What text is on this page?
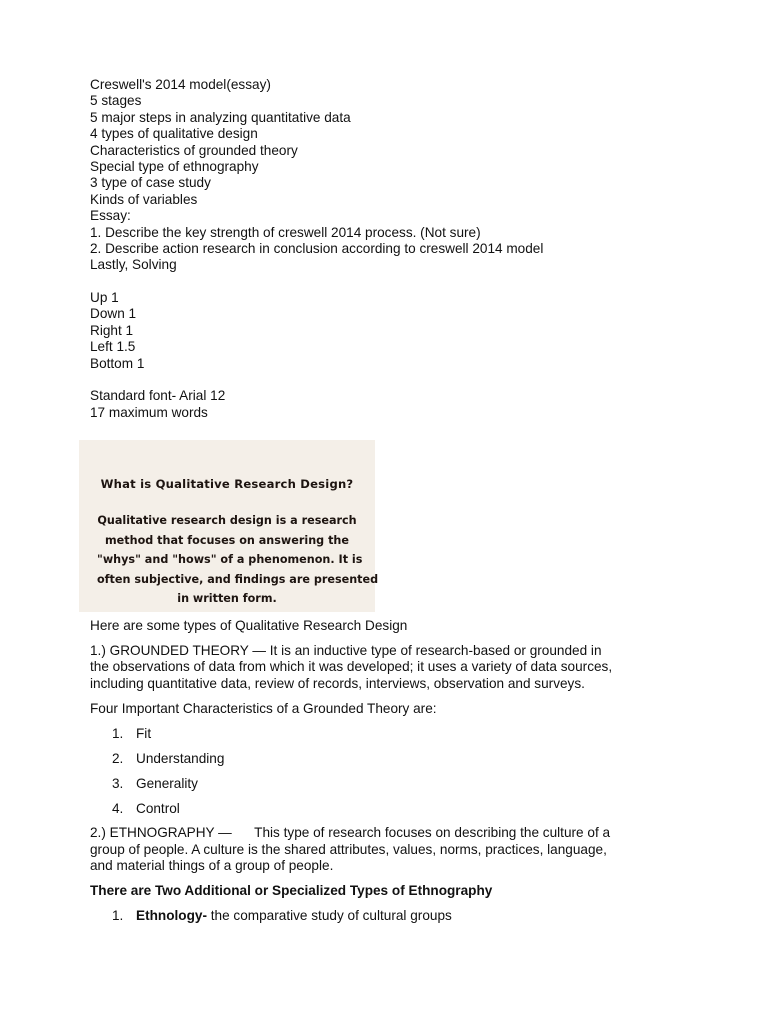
Creswell's 2014 model(essay)
5 stages
5 major steps in analyzing quantitative data
4 types of qualitative design
Characteristics of grounded theory
Special type of ethnography
3 type of case study
Kinds of variables
Essay:
1. Describe the key strength of creswell 2014 process. (Not sure)
2. Describe action research in conclusion according to creswell 2014 model
Lastly, Solving
Up 1
Down 1
Right 1
Left 1.5
Bottom 1
Standard font- Arial 12
17 maximum words
What is Qualitative Research Design?
Qualitative research design is a research
method that focuses on answering the
"whys" and "hows" of a phenomenon. It is
often subjective, and findings are presented
in written form.

Here are some types of Qualitative Research Design

1.) GROUNDED THEORY — It is an inductive type of research-based or grounded in
the observations of data from which it was developed; it uses a variety of data sources,
including quantitative data, review of records, interviews, observation and surveys.

Four Important Characteristics of a Grounded Theory are:

1. Fit
2. Understanding
3. Generality
4. Control
2.) ETHNOGRAPHY —      This type of research focuses on describing the culture of a
group of people. A culture is the shared attributes, values, norms, practices, language,
and material things of a group of people.

There are Two Additional or Specialized Types of Ethnography

1. Ethnology- the comparative study of cultural groups
